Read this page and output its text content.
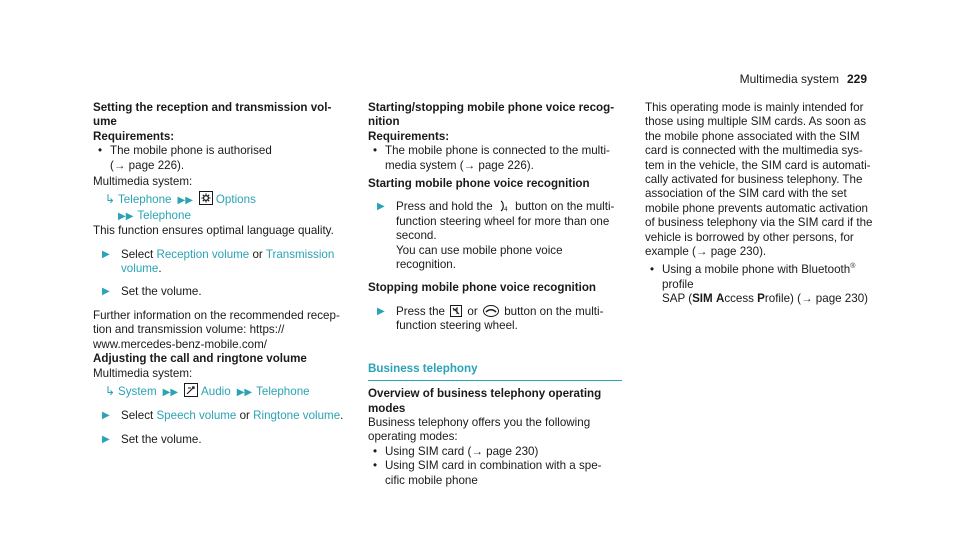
Multimedia system 229

Setting the reception and transmission vol-
ume

Requirements:

• The mobile phone is authorised
(→ page 226).

Multimedia system:

↳ Telephone ▶▶ Options

▶▶ Telephone

This function ensures optimal language quality.

▶ Select Reception volume or Transmission
volume.
▶ Set the volume.

Further information on the recommended recep-
tion and transmission volume: https://
www.mercedes-benz-mobile.com/

Adjusting the call and ringtone volume

Multimedia system:

↳ System ▶▶ Audio ▶▶ Telephone

▶ Select Speech volume or Ringtone volume.
▶ Set the volume.

Starting/stopping mobile phone voice recog-
nition

Requirements:

• The mobile phone is connected to the multi-
media system (→ page 226).

Starting mobile phone voice recognition

▶ Press and hold the 4 button on the multi-
function steering wheel for more than one
second.
You can use mobile phone voice recognition.

Stopping mobile phone voice recognition

▶ Press the  or  button on the multi-
function steering wheel.

Business telephony

Overview of business telephony operating
modes

Business telephony offers you the following
operating modes:

• Using SIM card (→ page 230)
• Using SIM card in combination with a spe-
cific mobile phone

This operating mode is mainly intended for
those using multiple SIM cards. As soon as
the mobile phone associated with the SIM
card is connected with the multimedia sys-
tem in the vehicle, the SIM card is automati-
cally activated for business telephony. The
association of the SIM card with the set
mobile phone prevents automatic activation
of business telephony via the SIM card if the
vehicle is borrowed by other persons, for
example (→ page 230).

• Using a mobile phone with Bluetooth® profile
SAP (SIM Access Profile) (→ page 230)
